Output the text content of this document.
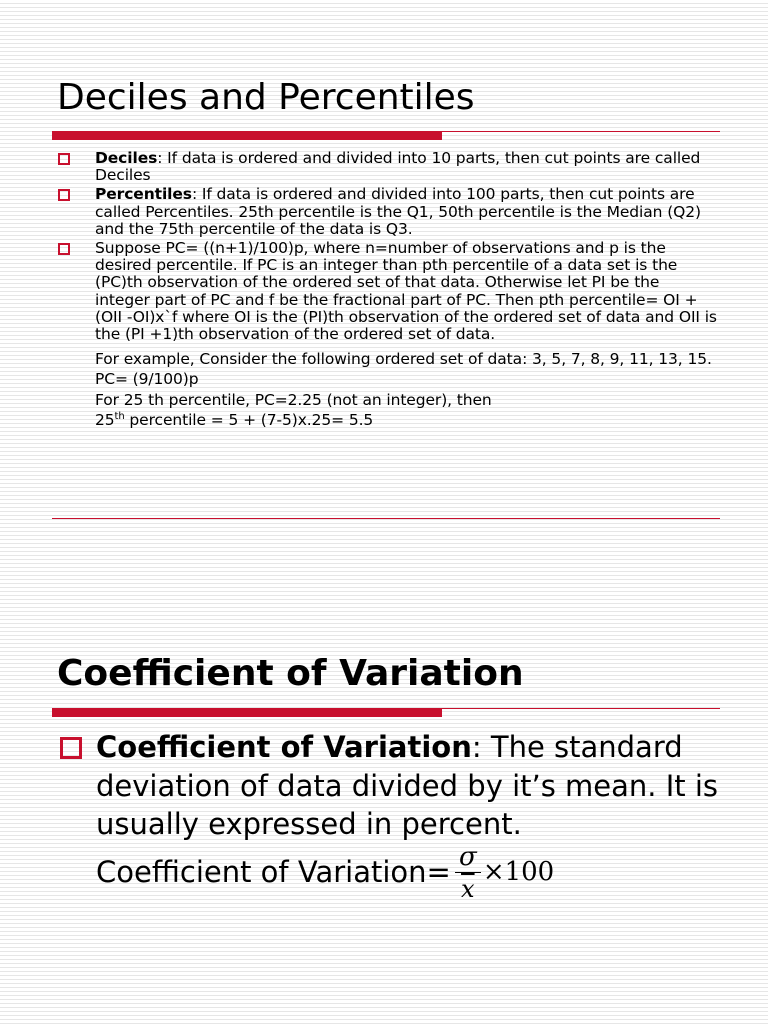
Deciles and Percentiles
Deciles: If data is ordered and divided into 10 parts, then cut points are called Deciles
Percentiles: If data is ordered and divided into 100 parts, then cut points are called Percentiles. 25th percentile is the Q1, 50th percentile is the Median (Q2) and the 75th percentile of the data is Q3.
Suppose PC= ((n+1)/100)p, where n=number of observations and p is the desired percentile. If PC is an integer than pth percentile of a data set is the (PC)th observation of the ordered set of that data. Otherwise let PI be the integer part of PC and f be the fractional part of PC. Then pth percentile= OI + (OII -OI)x`f where OI is the (PI)th observation of the ordered set of data and OII is the (PI +1)th observation of the ordered set of data.
For example, Consider the following ordered set of data: 3, 5, 7, 8, 9, 11, 13, 15.
PC= (9/100)p
For 25 th percentile, PC=2.25 (not an integer), then
25th percentile = 5 + (7-5)x.25= 5.5
Coefficient of Variation
Coefficient of Variation: The standard deviation of data divided by it’s mean. It is usually expressed in percent.
Coefficient of Variation= $\frac{\sigma}{x} \times 100$
